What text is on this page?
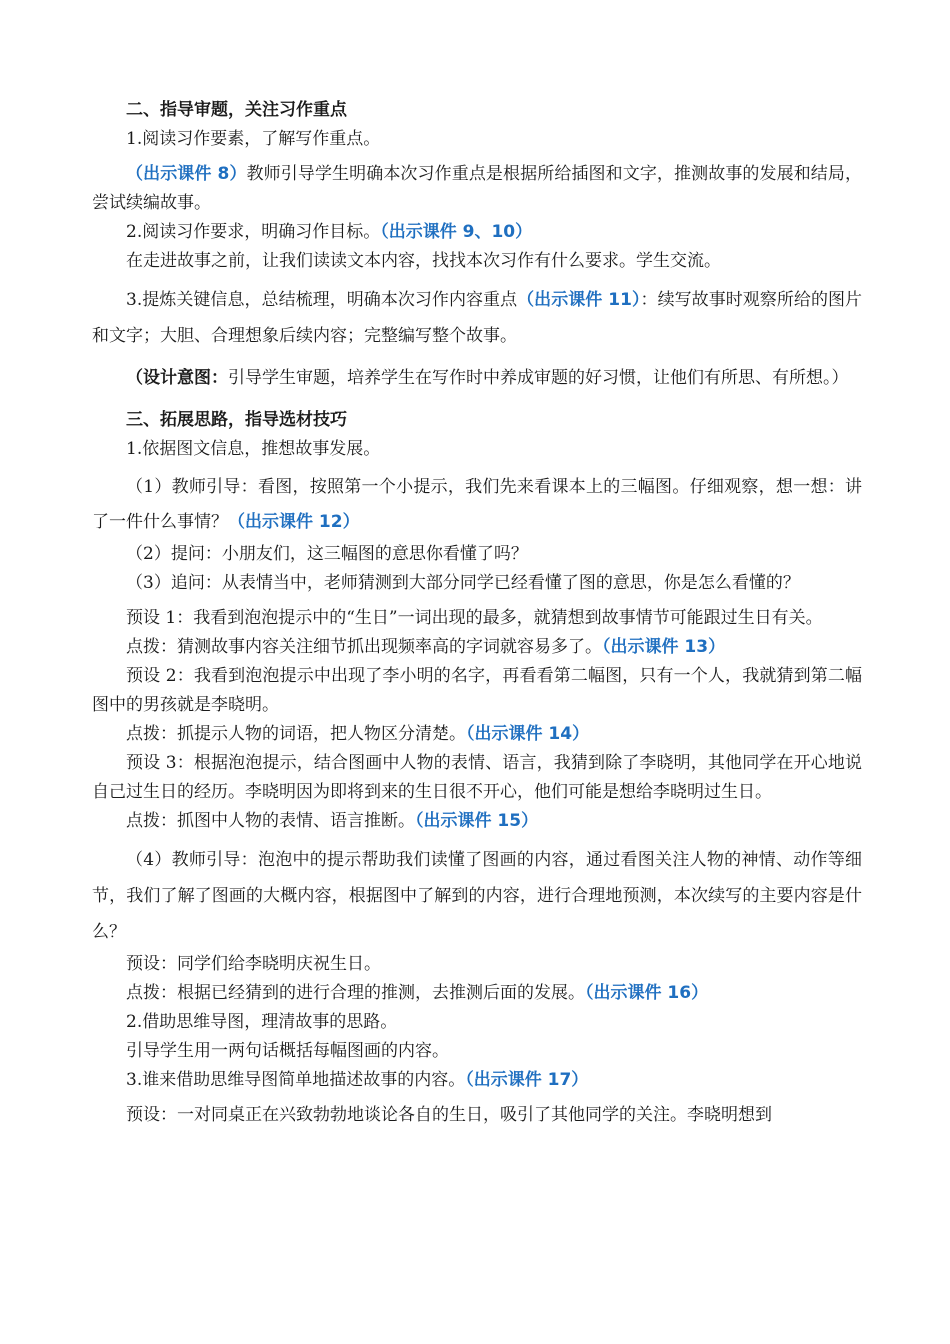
二、指导审题，关注习作重点

1.阅读习作要素，了解写作重点。

（出示课件 8）教师引导学生明确本次习作重点是根据所给插图和文字，推测故事的发展和结局，尝试续编故事。

2.阅读习作要求，明确习作目标。（出示课件 9、10）

在走进故事之前，让我们读读文本内容，找找本次习作有什么要求。学生交流。

3.提炼关键信息，总结梳理，明确本次习作内容重点（出示课件 11）：续写故事时观察所给的图片和文字；大胆、合理想象后续内容；完整编写整个故事。

（设计意图：引导学生审题，培养学生在写作时中养成审题的好习惯，让他们有所思、有所想。）

三、拓展思路，指导选材技巧

1.依据图文信息，推想故事发展。

（1）教师引导：看图，按照第一个小提示，我们先来看课本上的三幅图。仔细观察，想一想：讲了一件什么事情？（出示课件 12）

（2）提问：小朋友们，这三幅图的意思你看懂了吗？

（3）追问：从表情当中，老师猜测到大部分同学已经看懂了图的意思，你是怎么看懂的？

预设 1：我看到泡泡提示中的“生日”一词出现的最多，就猜想到故事情节可能跟过生日有关。

点拨：猜测故事内容关注细节抓出现频率高的字词就容易多了。（出示课件 13）

预设 2：我看到泡泡提示中出现了李小明的名字，再看看第二幅图，只有一个人，我就猜到第二幅图中的男孩就是李晓明。

点拨：抓提示人物的词语，把人物区分清楚。（出示课件 14）

预设 3：根据泡泡提示，结合图画中人物的表情、语言，我猜到除了李晓明，其他同学在开心地说自己过生日的经历。李晓明因为即将到来的生日很不开心，他们可能是想给李晓明过生日。

点拨：抓图中人物的表情、语言推断。（出示课件 15）

（4）教师引导：泡泡中的提示帮助我们读懂了图画的内容，通过看图关注人物的神情、动作等细节，我们了解了图画的大概内容，根据图中了解到的内容，进行合理地预测，本次续写的主要内容是什么？

预设：同学们给李晓明庆祝生日。

点拨：根据已经猜到的进行合理的推测，去推测后面的发展。（出示课件 16）

2.借助思维导图，理清故事的思路。

引导学生用一两句话概括每幅图画的内容。

3.谁来借助思维导图简单地描述故事的内容。（出示课件 17）

预设：一对同桌正在兴致勃勃地谈论各自的生日，吸引了其他同学的关注。李晓明想到
